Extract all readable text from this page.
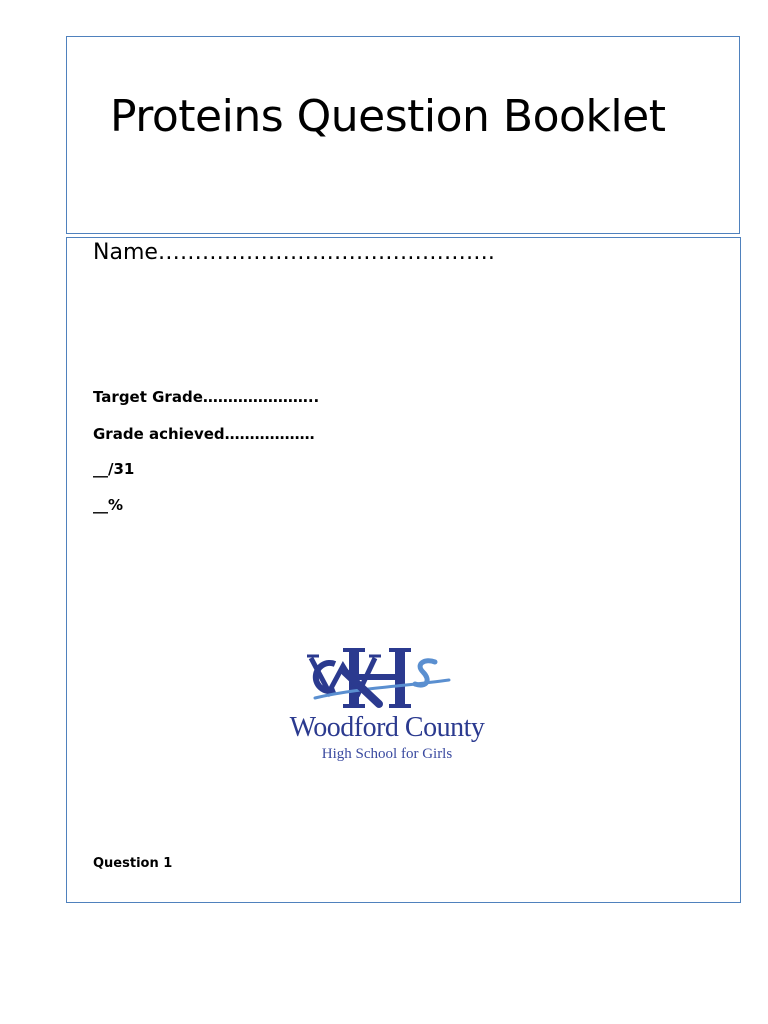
Proteins Question Booklet
Name……………………………………….
Target Grade…………………..
Grade achieved………………
__/31
__%
Woodford County
High School for Girls
Question 1
